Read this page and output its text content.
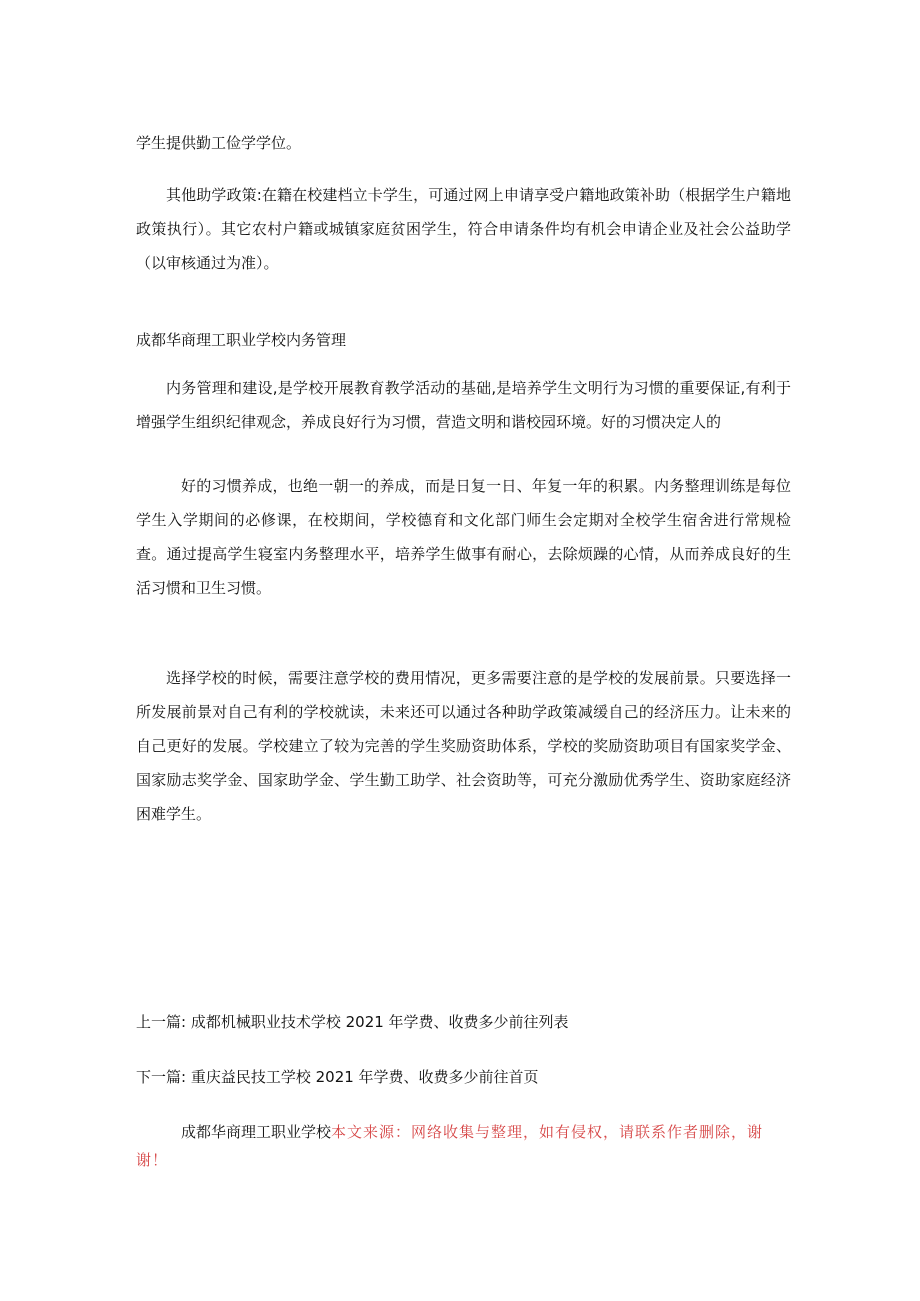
学生提供勤工俭学学位。

其他助学政策:在籍在校建档立卡学生，可通过网上申请享受户籍地政策补助（根据学生户籍地政策执行）。其它农村户籍或城镇家庭贫困学生，符合申请条件均有机会申请企业及社会公益助学（以审核通过为准）。

成都华商理工职业学校内务管理

内务管理和建设,是学校开展教育教学活动的基础,是培养学生文明行为习惯的重要保证,有利于增强学生组织纪律观念，养成良好行为习惯，营造文明和谐校园环境。好的习惯决定人的

好的习惯养成，也绝一朝一的养成，而是日复一日、年复一年的积累。内务整理训练是每位学生入学期间的必修课，在校期间，学校德育和文化部门师生会定期对全校学生宿舍进行常规检查。通过提高学生寝室内务整理水平，培养学生做事有耐心，去除烦躁的心情，从而养成良好的生活习惯和卫生习惯。

选择学校的时候，需要注意学校的费用情况，更多需要注意的是学校的发展前景。只要选择一所发展前景对自己有利的学校就读，未来还可以通过各种助学政策减缓自己的经济压力。让未来的自己更好的发展。学校建立了较为完善的学生奖励资助体系，学校的奖励资助项目有国家奖学金、国家励志奖学金、国家助学金、学生勤工助学、社会资助等，可充分激励优秀学生、资助家庭经济困难学生。

上一篇: 成都机械职业技术学校 2021 年学费、收费多少前往列表
下一篇: 重庆益民技工学校 2021 年学费、收费多少前往首页

成都华商理工职业学校本文来源：网络收集与整理，如有侵权，请联系作者删除，谢谢！
